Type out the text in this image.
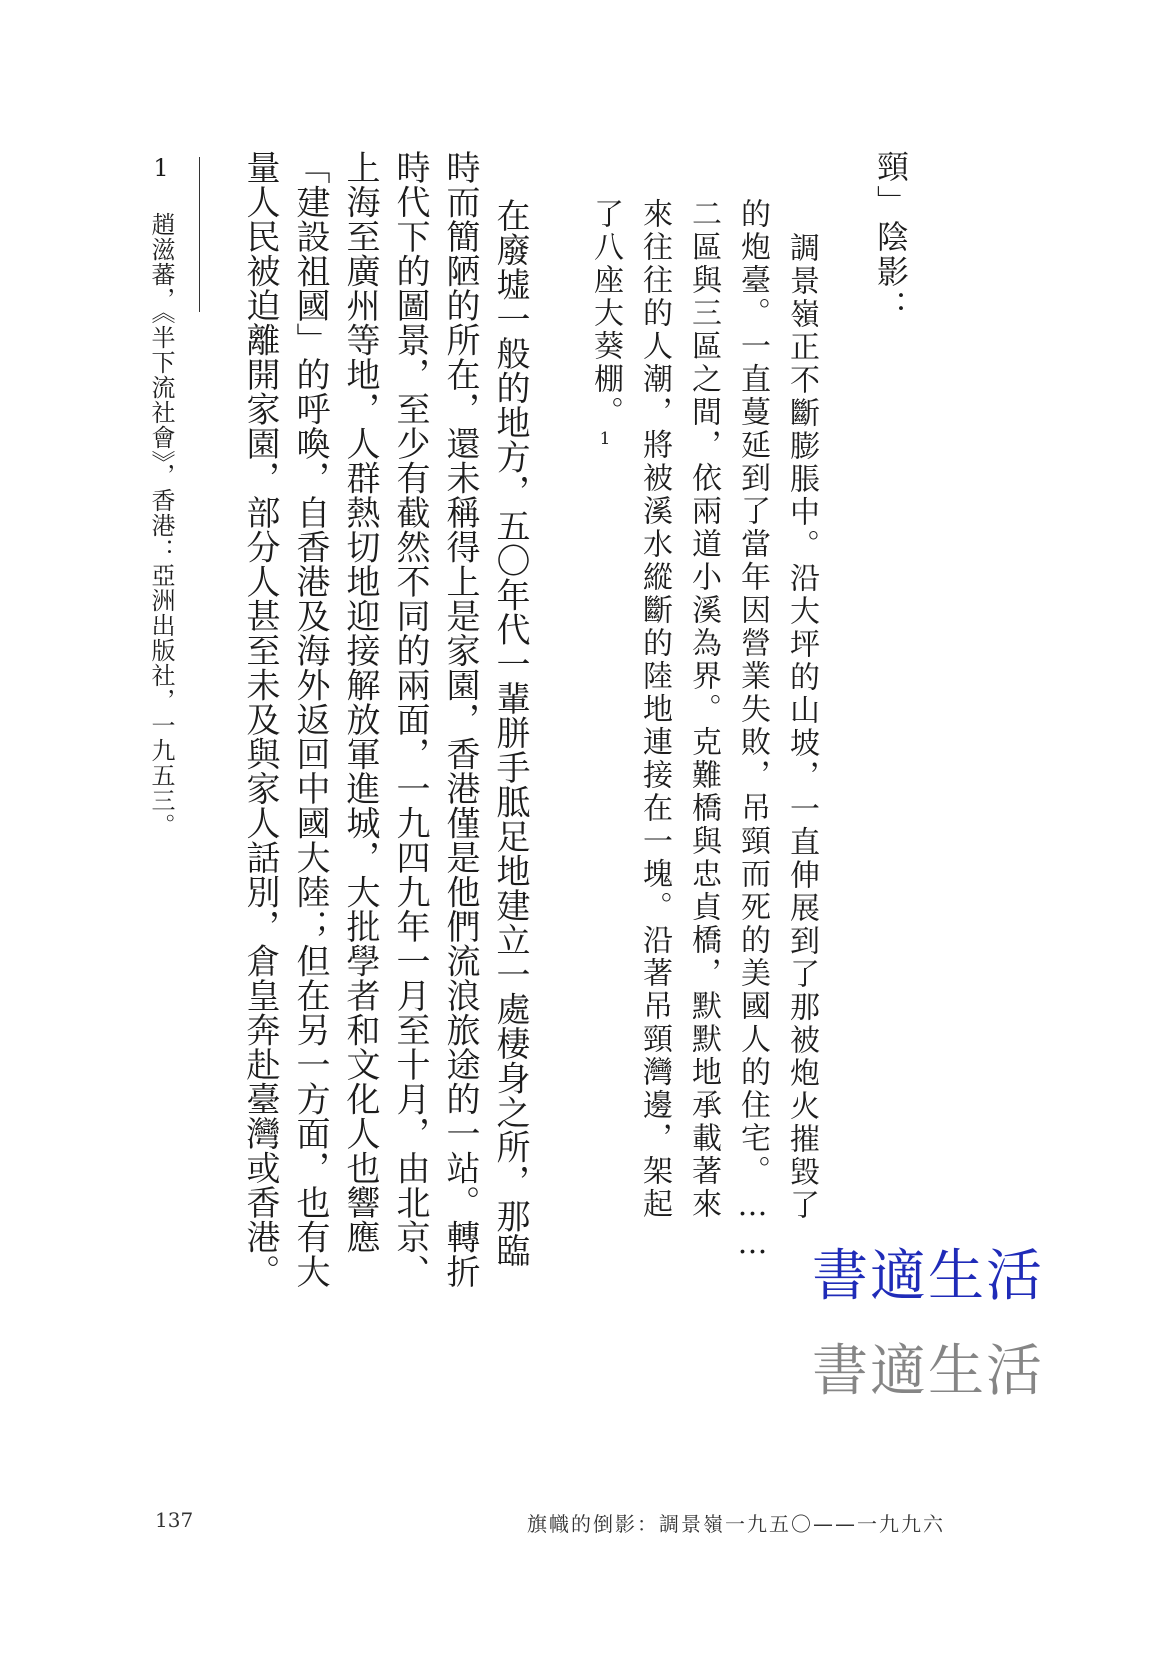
頸」陰影：
調景嶺正不斷膨脹中。沿大坪的山坡，一直伸展到了那被炮火摧毀了
的炮臺。一直蔓延到了當年因營業失敗，吊頸而死的美國人的住宅。……
二區與三區之間，依兩道小溪為界。克難橋與忠貞橋，默默地承載著來
來往往的人潮，將被溪水縱斷的陸地連接在一塊。沿著吊頸灣邊，架起
了八座大葵棚。1
在廢墟一般的地方，五〇年代一輩胼手胝足地建立一處棲身之所，那臨
時而簡陋的所在，還未稱得上是家園，香港僅是他們流浪旅途的一站。轉折
時代下的圖景，至少有截然不同的兩面，一九四九年一月至十月，由北京、
上海至廣州等地，人群熱切地迎接解放軍進城，大批學者和文化人也響應
「建設祖國」的呼喚，自香港及海外返回中國大陸；但在另一方面，也有大
量人民被迫離開家園，部分人甚至未及與家人話別，倉皇奔赴臺灣或香港。
1 趙滋蕃，《半下流社會》，香港：亞洲出版社，一九五三。
書適生活
書適生活
137	旗幟的倒影：調景嶺一九五〇——一九九六
